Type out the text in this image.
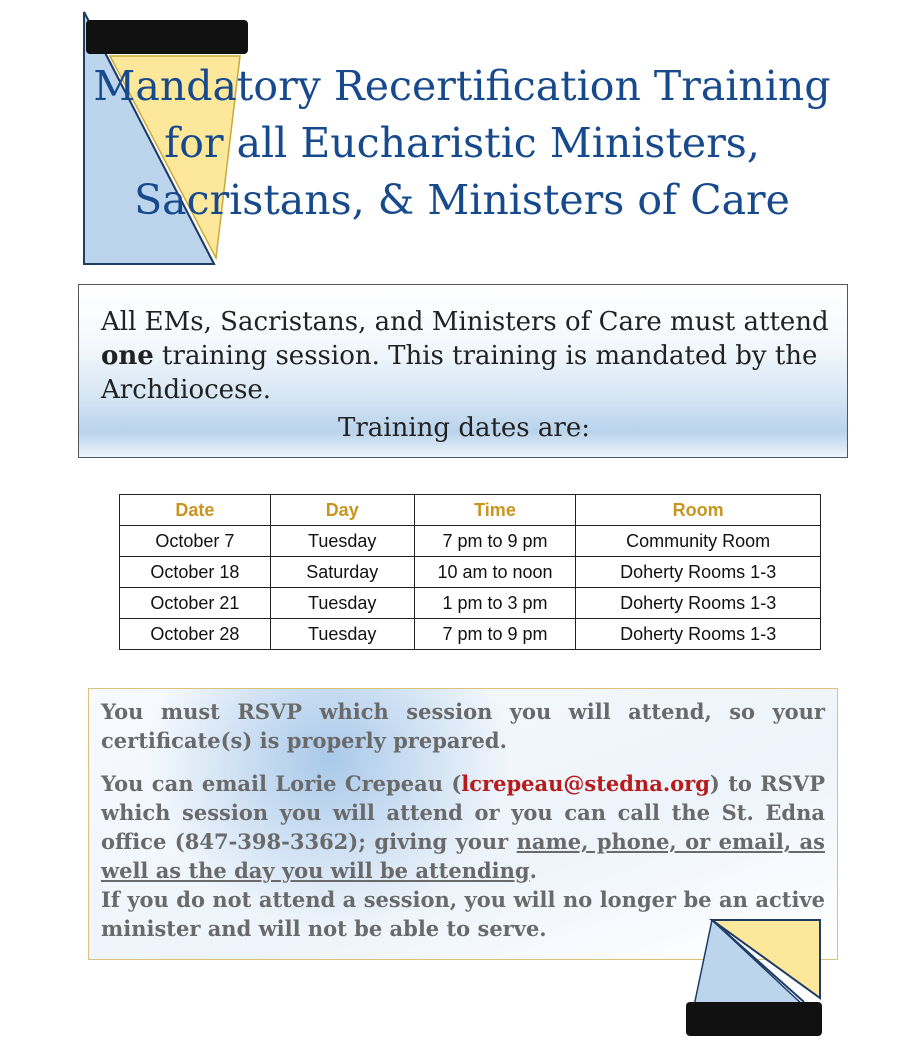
Mandatory Recertification Training
for all Eucharistic Ministers,
Sacristans, & Ministers of Care
All EMs, Sacristans, and Ministers of Care must attend one training session. This training is mandated by the Archdiocese.
Training dates are:
Date	Day	Time	Room
October 7	Tuesday	7 pm to 9 pm	Community Room
October 18	Saturday	10 am to noon	Doherty Rooms 1-3
October 21	Tuesday	1 pm to 3 pm	Doherty Rooms 1-3
October 28	Tuesday	7 pm to 9 pm	Doherty Rooms 1-3

You must RSVP which session you will attend, so your certificate(s) is properly prepared.

You can email Lorie Crepeau (lcrepeau@stedna.org) to RSVP which session you will attend or you can call the St. Edna office (847-398-3362); giving your name, phone, or email, as well as the day you will be attending.

If you do not attend a session, you will no longer be an active minister and will not be able to serve.
